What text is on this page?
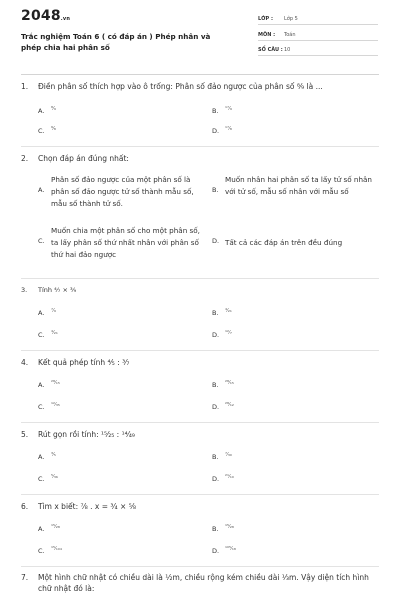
2048.vn
Trắc nghiệm Toán 6 ( có đáp án ) Phép nhân và phép chia hai phân số
LỚP : Lớp 5
MÔN : Toán
SỐ CÂU : 10
1. Điền phân số thích hợp vào ô trống: Phân số đảo ngược của phân số ⁸⁄₉ là ...
A. ⁸⁄₉	B. ¹⁷⁄₉
C. ⁹⁄₈	D. ¹⁷⁄₈
2. Chọn đáp án đúng nhất:
A.
Phân số đảo ngược của một phân số là phân số đảo ngược tử số thành mẫu số, mẫu số thành tử số.
B.
Muốn nhân hai phân số ta lấy tử số nhân với tử số, mẫu số nhân với mẫu số
C.
Muốn chia một phân số cho một phân số, ta lấy phân số thứ nhất nhân với phân số thứ hai đảo ngược
D. Tất cả các đáp án trên đều đúng
3. Tính ⁴⁄₇ × ³⁄₉
A. ⁷⁄₉	B. ⁴⁄₂₁
C. ⁴⁄₂₁	D. ¹²⁄₇
4. Kết quả phép tính ⁴⁄₅ : ³⁄₇
A. ²⁸⁄₁₅	B. ²⁸⁄₁₅
C. ¹²⁄₃₅	D. ²⁸⁄₁₂
5. Rút gọn rồi tính: ¹⁵⁄₂₅ : ¹⁴⁄₄₉
A. ³⁄₅	B. ⁷⁄₃₀
C. ⁵⁄₃₆	D. ²¹⁄₁₀
6. Tìm x biết: ⁷⁄₈ . x = ³⁄₄ × ⁵⁄₈
A. ¹⁵⁄₂₈	B. ¹⁵⁄₂₈
C. ¹⁵⁄₁₀₄	D. ¹⁰⁵⁄₁₈
7. Một hình chữ nhật có chiều dài là ¹⁄₂m, chiều rộng kém chiều dài ¹⁄₃m. Vậy diện tích hình chữ nhật đó là:
